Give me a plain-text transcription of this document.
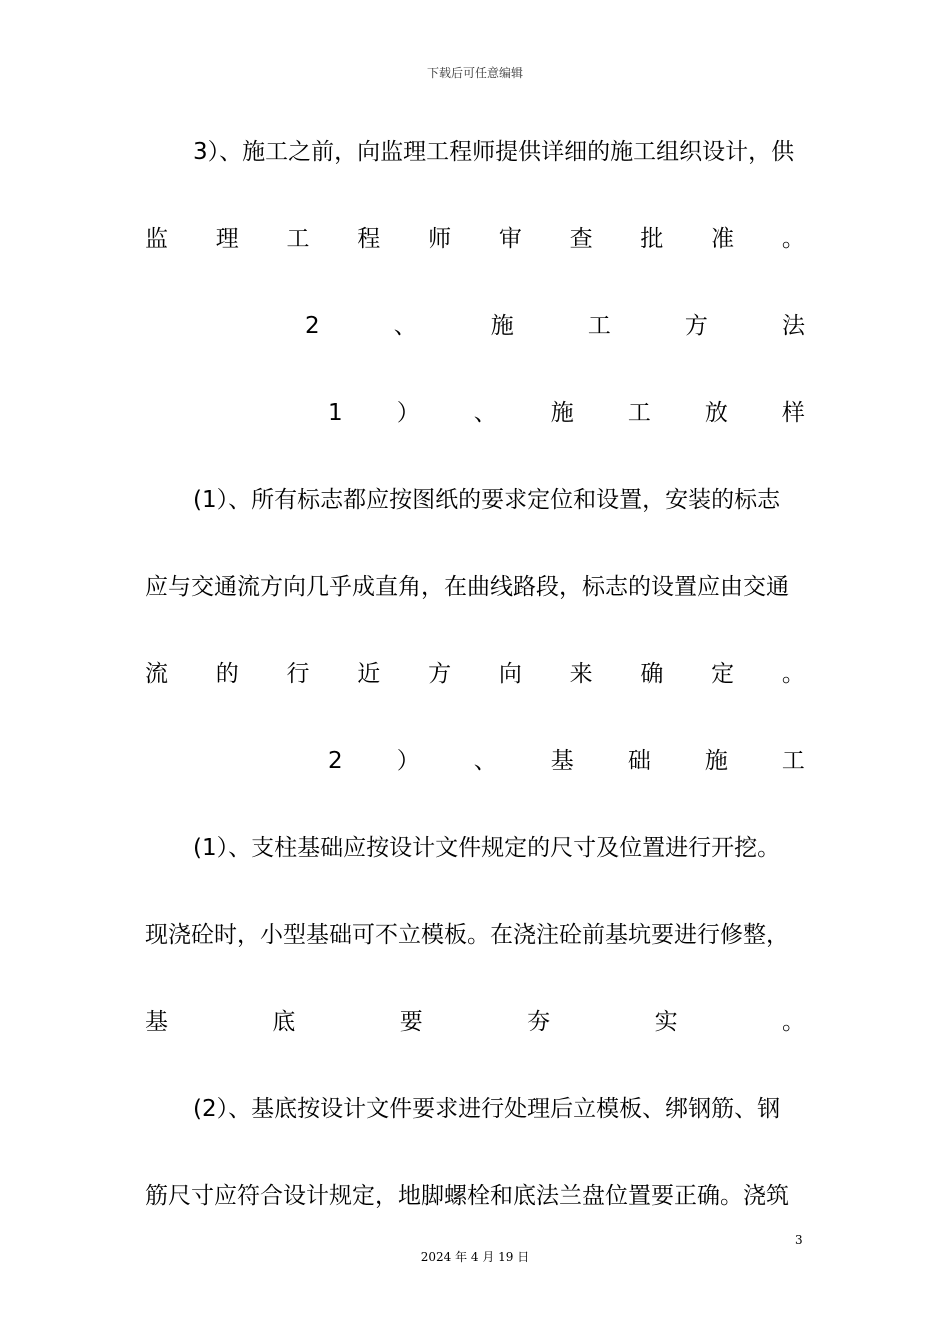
下载后可任意编辑
3）、施工之前，向监理工程师提供详细的施工组织设计，供
监 理 工 程 师 审 查 批 准 。
2	、	施	工	方	法
1 ） 、 施 工 放 样
(1）、所有标志都应按图纸的要求定位和设置，安装的标志
应与交通流方向几乎成直角，在曲线路段，标志的设置应由交通
流 的 行 近 方 向 来 确 定 。
2 ） 、 基 础 施 工
(1）、支柱基础应按设计文件规定的尺寸及位置进行开挖。
现浇砼时，小型基础可不立模板。在浇注砼前基坑要进行修整，
基	底	要	夯	实	。
(2）、基底按设计文件要求进行处理后立模板、绑钢筋、钢
筋尺寸应符合设计规定，地脚螺栓和底法兰盘位置要正确。浇筑
3
2024 年 4 月 19 日
